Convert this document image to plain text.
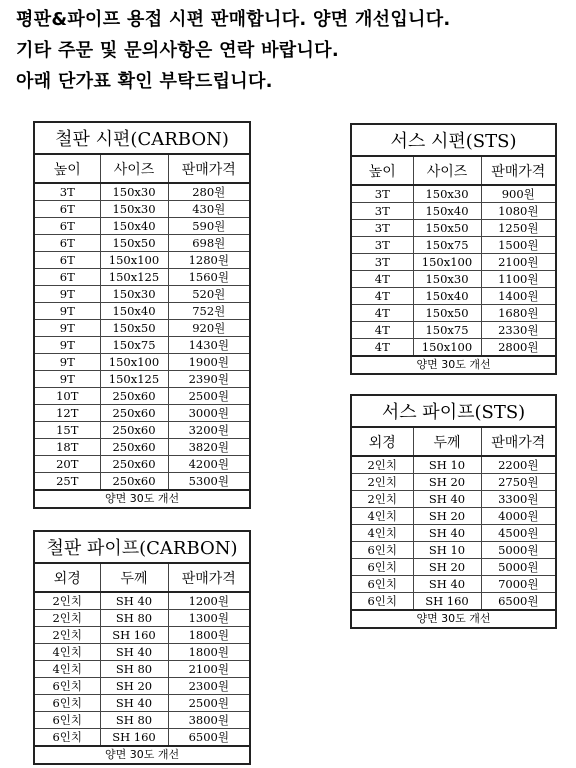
평판&파이프 용접 시편 판매합니다. 양면 개선입니다.
기타 주문 및 문의사항은 연락 바랍니다.
아래 단가표 확인 부탁드립니다.
철판 시편(CARBON)		
높이	사이즈	판매가격
3T	150x30	280원
6T	150x30	430원
6T	150x40	590원
6T	150x50	698원
6T	150x100	1280원
6T	150x125	1560원
9T	150x30	520원
9T	150x40	752원
9T	150x50	920원
9T	150x75	1430원
9T	150x100	1900원
9T	150x125	2390원
10T	250x60	2500원
12T	250x60	3000원
15T	250x60	3200원
18T	250x60	3820원
20T	250x60	4200원
25T	250x60	5300원
양면 30도 개선		
서스 시편(STS)		
높이	사이즈	판매가격
3T	150x30	900원
3T	150x40	1080원
3T	150x50	1250원
3T	150x75	1500원
3T	150x100	2100원
4T	150x30	1100원
4T	150x40	1400원
4T	150x50	1680원
4T	150x75	2330원
4T	150x100	2800원
양면 30도 개선		
서스 파이프(STS)		
외경	두께	판매가격
2인치	SH 10	2200원
2인치	SH 20	2750원
2인치	SH 40	3300원
4인치	SH 20	4000원
4인치	SH 40	4500원
6인치	SH 10	5000원
6인치	SH 20	5000원
6인치	SH 40	7000원
6인치	SH 160	6500원
양면 30도 개선		
철판 파이프(CARBON)		
외경	두께	판매가격
2인치	SH 40	1200원
2인치	SH 80	1300원
2인치	SH 160	1800원
4인치	SH 40	1800원
4인치	SH 80	2100원
6인치	SH 20	2300원
6인치	SH 40	2500원
6인치	SH 80	3800원
6인치	SH 160	6500원
양면 30도 개선		
